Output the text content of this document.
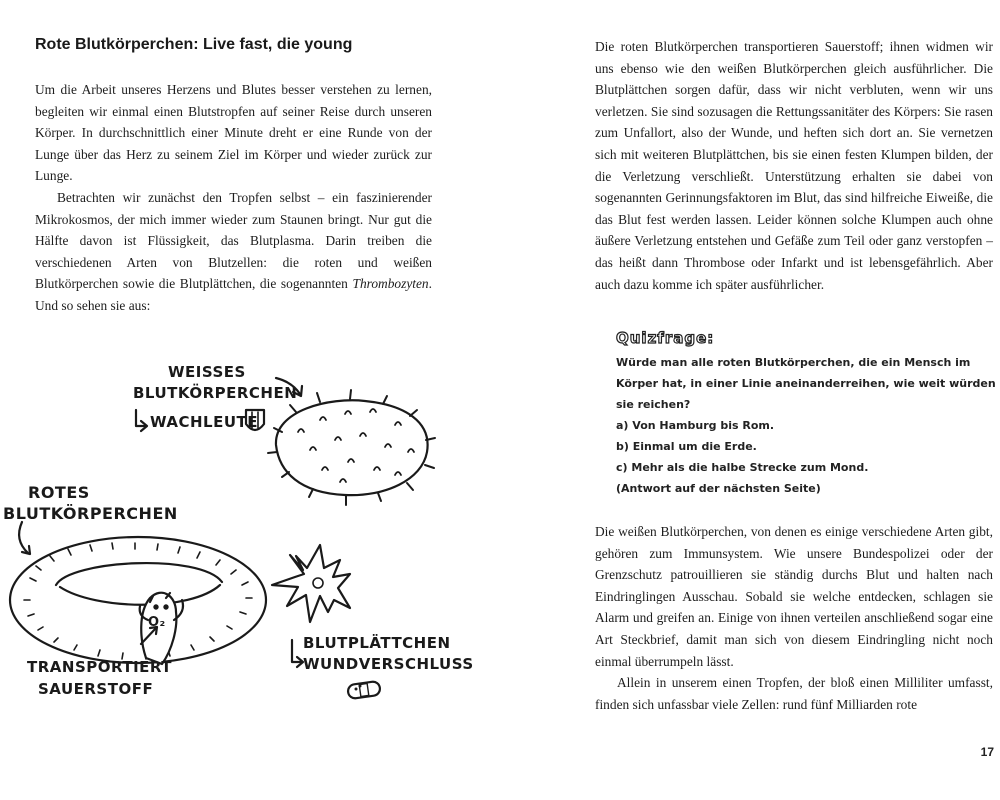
Rote Blutkörperchen: Live fast, die young

Um die Arbeit unseres Herzens und Blutes besser verstehen zu lernen, begleiten wir einmal einen Blutstropfen auf seiner Reise durch unseren Körper. In durchschnittlich einer Minute dreht er eine Runde von der Lunge über das Herz zu seinem Ziel im Körper und wieder zurück zur Lunge.

Betrachten wir zunächst den Tropfen selbst – ein faszinierender Mikrokosmos, der mich immer wieder zum Staunen bringt. Nur gut die Hälfte davon ist Flüssigkeit, das Blutplasma. Darin treiben die verschiedenen Arten von Blutzellen: die roten und weißen Blutkörperchen sowie die Blutplättchen, die sogenannten Thrombozyten. Und so sehen sie aus:

WEISSES
BLUTKÖRPERCHEN
WACHLEUTE
ROTES
BLUTKÖRPERCHEN
O₂
TRANSPORTIERT
SAUERSTOFF
BLUTPLÄTTCHEN
WUNDVERSCHLUSS

Die roten Blutkörperchen transportieren Sauerstoff; ihnen widmen wir uns ebenso wie den weißen Blutkörperchen gleich ausführlicher. Die Blutplättchen sorgen dafür, dass wir nicht verbluten, wenn wir uns verletzen. Sie sind sozusagen die Rettungssanitäter des Körpers: Sie rasen zum Unfallort, also der Wunde, und heften sich dort an. Sie vernetzen sich mit weiteren Blutplättchen, bis sie einen festen Klumpen bilden, der die Verletzung verschließt. Unterstützung erhalten sie dabei von sogenannten Gerinnungsfaktoren im Blut, das sind hilfreiche Eiweiße, die das Blut fest werden lassen. Leider können solche Klumpen auch ohne äußere Verletzung entstehen und Gefäße zum Teil oder ganz verstopfen – das heißt dann Thrombose oder Infarkt und ist lebensgefährlich. Aber auch dazu komme ich später ausführlicher.

Quizfrage:
Würde man alle roten Blutkörperchen, die ein Mensch im
Körper hat, in einer Linie aneinanderreihen, wie weit würden
sie reichen?
a) Von Hamburg bis Rom.
b) Einmal um die Erde.
c) Mehr als die halbe Strecke zum Mond.
(Antwort auf der nächsten Seite)

Die weißen Blutkörperchen, von denen es einige verschiedene Arten gibt, gehören zum Immunsystem. Wie unsere Bundespolizei oder der Grenzschutz patrouillieren sie ständig durchs Blut und halten nach Eindringlingen Ausschau. Sobald sie welche entdecken, schlagen sie Alarm und greifen an. Einige von ihnen verteilen anschließend sogar eine Art Steckbrief, damit man sich von diesem Eindringling nicht noch einmal überrumpeln lässt.

Allein in unserem einen Tropfen, der bloß einen Milliliter umfasst, finden sich unfassbar viele Zellen: rund fünf Milliarden rote

17
